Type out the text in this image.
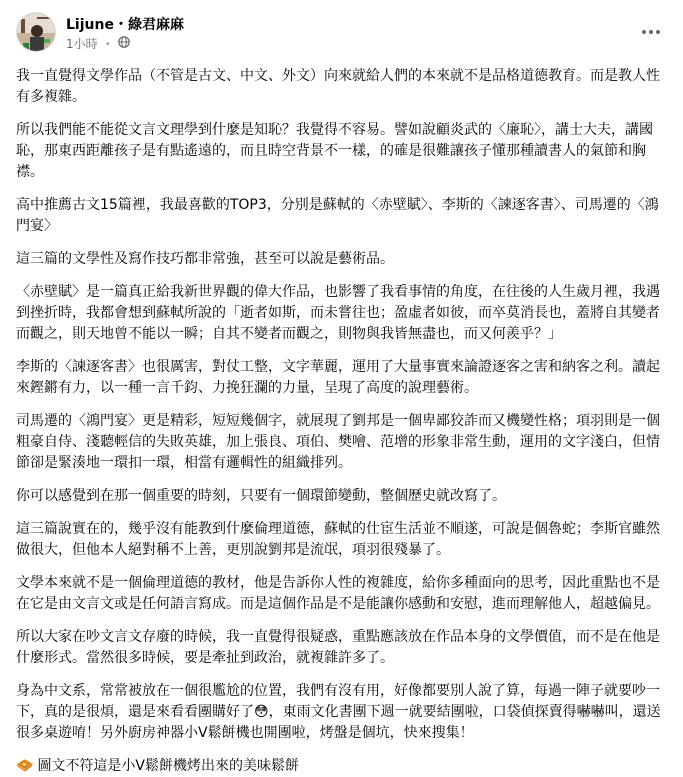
Lijune・綠君麻麻
1小時 ・

我一直覺得文學作品（不管是古文、中文、外文）向來就給人們的本來就不是品格道德教育。而是教人性有多複雜。

所以我們能不能從文言文理學到什麼是知恥？我覺得不容易。譬如說顧炎武的〈廉恥〉，講士大夫，講國恥，那東西距離孩子是有點遙遠的，而且時空背景不一樣，的確是很難讓孩子懂那種讀書人的氣節和胸襟。

高中推薦古文15篇裡，我最喜歡的TOP3，分別是蘇軾的〈赤壁賦〉、李斯的〈諫逐客書〉、司馬遷的〈鴻門宴〉

這三篇的文學性及寫作技巧都非常強，甚至可以說是藝術品。

〈赤壁賦〉是一篇真正給我新世界觀的偉大作品，也影響了我看事情的角度，在往後的人生歲月裡，我遇到挫折時，我都會想到蘇軾所說的「逝者如斯，而未嘗往也；盈虛者如彼，而卒莫消長也，蓋將自其變者而觀之，則天地曾不能以一瞬；自其不變者而觀之，則物與我皆無盡也，而又何羨乎？」

李斯的〈諫逐客書〉也很厲害，對仗工整，文字華麗，運用了大量事實來論證逐客之害和納客之利。讀起來鏗鏘有力，以一種一言千鈞、力挽狂瀾的力量，呈現了高度的說理藝術。

司馬遷的〈鴻門宴〉更是精彩，短短幾個字，就展現了劉邦是一個卑鄙狡詐而又機變性格；項羽則是一個粗豪自侍、淺聽輕信的失敗英雄，加上張良、項伯、樊噲、范增的形象非常生動，運用的文字淺白，但情節卻是緊湊地一環扣一環，相當有邏輯性的組織排列。

你可以感覺到在那一個重要的時刻，只要有一個環節變動，整個歷史就改寫了。

這三篇說實在的，幾乎沒有能教到什麼倫理道德，蘇軾的仕宦生活並不順遂，可說是個魯蛇；李斯官雖然做很大，但他本人絕對稱不上善，更別說劉邦是流氓，項羽很殘暴了。

文學本來就不是一個倫理道德的教材，他是告訴你人性的複雜度，給你多種面向的思考，因此重點也不是在它是由文言文或是任何語言寫成。而是這個作品是不是能讓你感動和安慰，進而理解他人，超越偏見。

所以大家在吵文言文存廢的時候，我一直覺得很疑惑，重點應該放在作品本身的文學價值，而不是在他是什麼形式。當然很多時候，要是牽扯到政治，就複雜許多了。

身為中文系，常常被放在一個很尷尬的位置，我們有沒有用，好像都要別人說了算，每過一陣子就要吵一下，真的是很煩，還是來看看團購好了😳，東雨文化書團下週一就要結團啦，口袋偵探賣得嚇嚇叫，還送很多桌遊唷！另外廚房神器小V鬆餅機也開團啦，烤盤是個坑，快來搜集！

🧇 圖文不符這是小V鬆餅機烤出來的美味鬆餅
